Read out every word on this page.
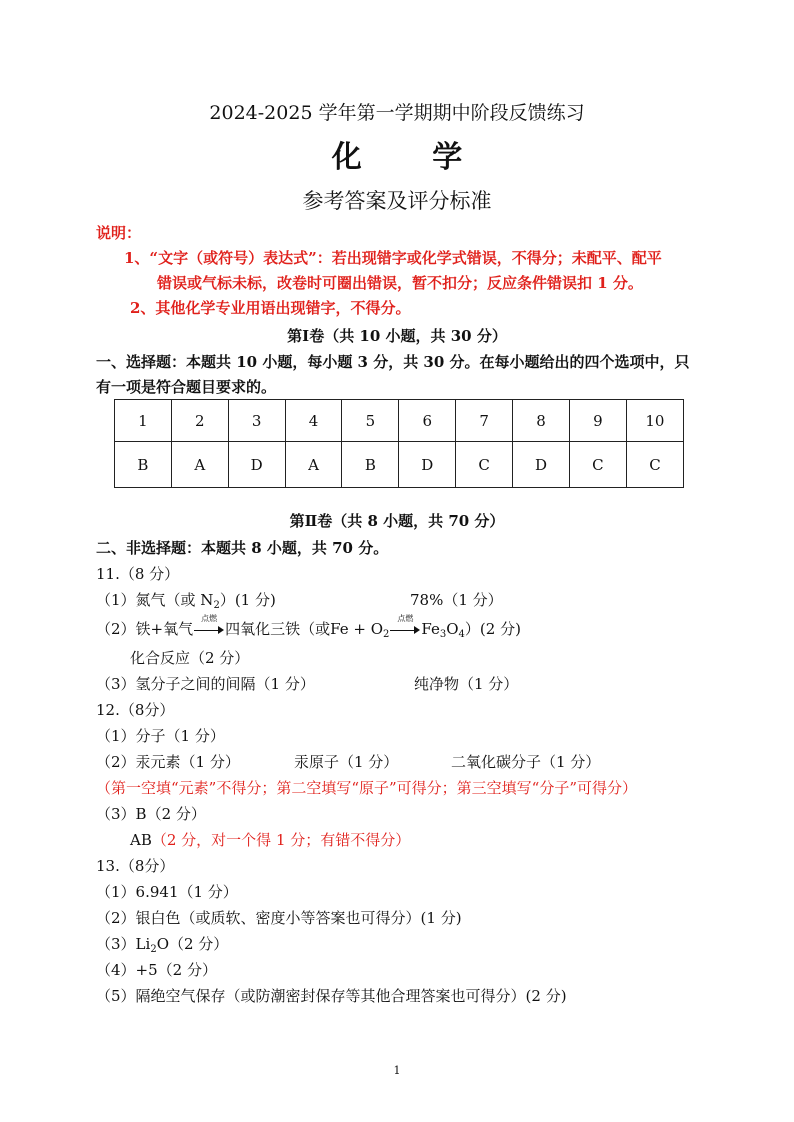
2024-2025 学年第一学期期中阶段反馈练习
化 学
参考答案及评分标准
说明：
1、“文字（或符号）表达式”：若出现错字或化学式错误，不得分；未配平、配平
错误或气标未标，改卷时可圈出错误，暂不扣分；反应条件错误扣 1 分。
2、其他化学专业用语出现错字，不得分。
第Ⅰ卷（共 10 小题，共 30 分）
一、选择题：本题共 10 小题，每小题 3 分，共 30 分。在每小题给出的四个选项中，只
有一项是符合题目要求的。
1	2	3	4	5	6	7	8	9	10
B	A	D	A	B	D	C	D	C	C
第Ⅱ卷（共 8 小题，共 70 分）
二、非选择题：本题共 8 小题，共 70 分。
11.（8 分）
（1）氮气（或 $N_2)(1$ 分)	78%（1 分）
（2）铁+氧气
点燃
四氧化三铁（或$Fe + O_2$
点燃
$Fe_3O_4)(2$ 分)
化合反应（2 分）
（3）氢分子之间的间隔（1 分）	纯净物（1 分）
12.（8分）
（1）分子（1 分）
（2）汞元素（1 分）	汞原子（1 分）	二氧化碳分子（1 分）
（第一空填“元素”不得分；第二空填写“原子”可得分；第三空填写“分子”可得分）
（3）B（2 分）
AB（2 分，对一个得 1 分；有错不得分）
13.（8分）
（1）6.941（1 分）
（2）银白色（或质软、密度小等答案也可得分）(1 分)
$(3)Li_2O(2$ 分）
（4）+5（2 分）
（5）隔绝空气保存（或防潮密封保存等其他合理答案也可得分）(2 分)
1
